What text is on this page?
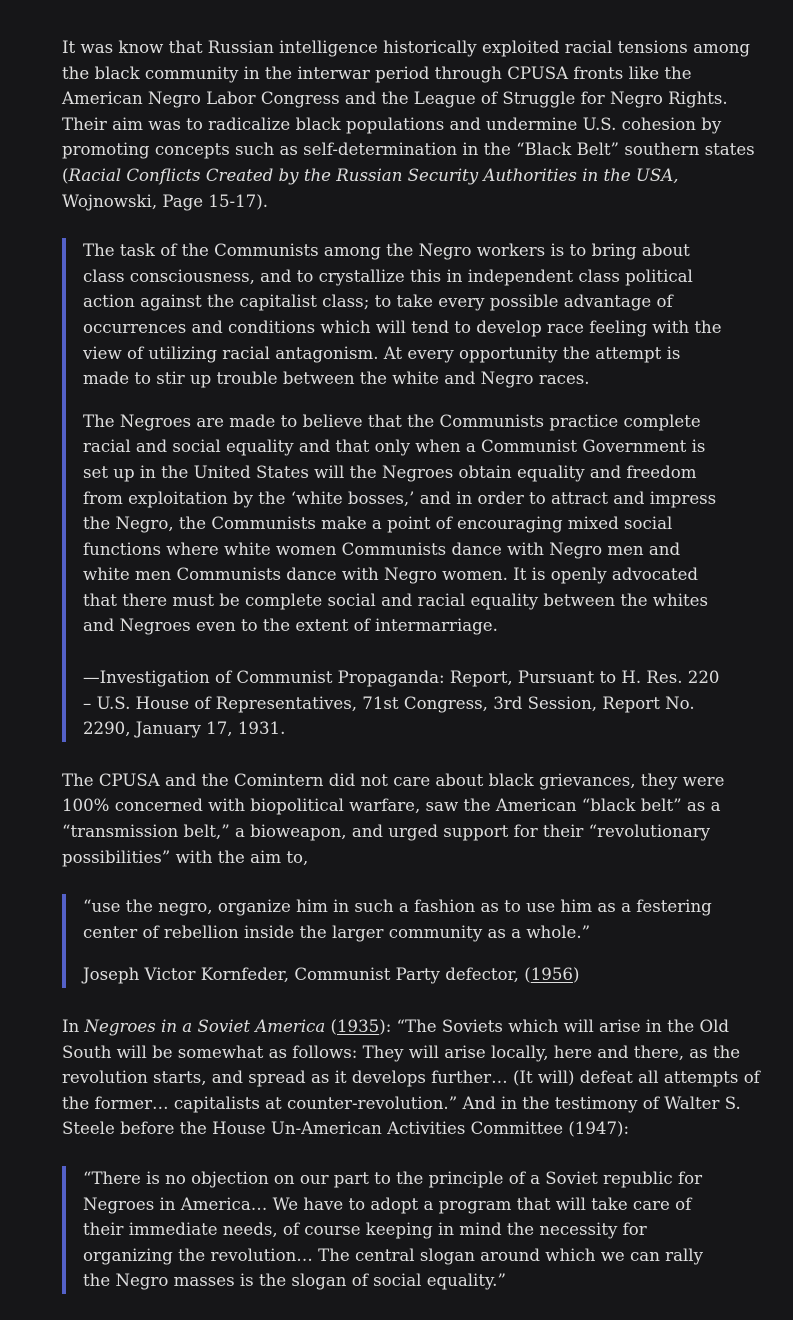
It was know that Russian intelligence historically exploited racial tensions among the black community in the interwar period through CPUSA fronts like the American Negro Labor Congress and the League of Struggle for Negro Rights. Their aim was to radicalize black populations and undermine U.S. cohesion by promoting concepts such as self-determination in the “Black Belt” southern states (Racial Conflicts Created by the Russian Security Authorities in the USA, Wojnowski, Page 15-17).

The task of the Communists among the Negro workers is to bring about class consciousness, and to crystallize this in independent class political action against the capitalist class; to take every possible advantage of occurrences and conditions which will tend to develop race feeling with the view of utilizing racial antagonism. At every opportunity the attempt is made to stir up trouble between the white and Negro races.

The Negroes are made to believe that the Communists practice complete racial and social equality and that only when a Communist Government is set up in the United States will the Negroes obtain equality and freedom from exploitation by the ‘white bosses,’ and in order to attract and impress the Negro, the Communists make a point of encouraging mixed social functions where white women Communists dance with Negro men and white men Communists dance with Negro women. It is openly advocated that there must be complete social and racial equality between the whites and Negroes even to the extent of intermarriage.

—Investigation of Communist Propaganda: Report, Pursuant to H. Res. 220 – U.S. House of Representatives, 71st Congress, 3rd Session, Report No. 2290, January 17, 1931.

The CPUSA and the Comintern did not care about black grievances, they were 100% concerned with biopolitical warfare, saw the American “black belt” as a “transmission belt,” a bioweapon, and urged support for their “revolutionary possibilities” with the aim to,

“use the negro, organize him in such a fashion as to use him as a festering center of rebellion inside the larger community as a whole.”

Joseph Victor Kornfeder, Communist Party defector, (1956)

In Negroes in a Soviet America (1935): “The Soviets which will arise in the Old South will be somewhat as follows: They will arise locally, here and there, as the revolution starts, and spread as it develops further… (It will) defeat all attempts of the former… capitalists at counter-revolution.” And in the testimony of Walter S. Steele before the House Un-American Activities Committee (1947):

“There is no objection on our part to the principle of a Soviet republic for Negroes in America… We have to adopt a program that will take care of their immediate needs, of course keeping in mind the necessity for organizing the revolution… The central slogan around which we can rally the Negro masses is the slogan of social equality.”
